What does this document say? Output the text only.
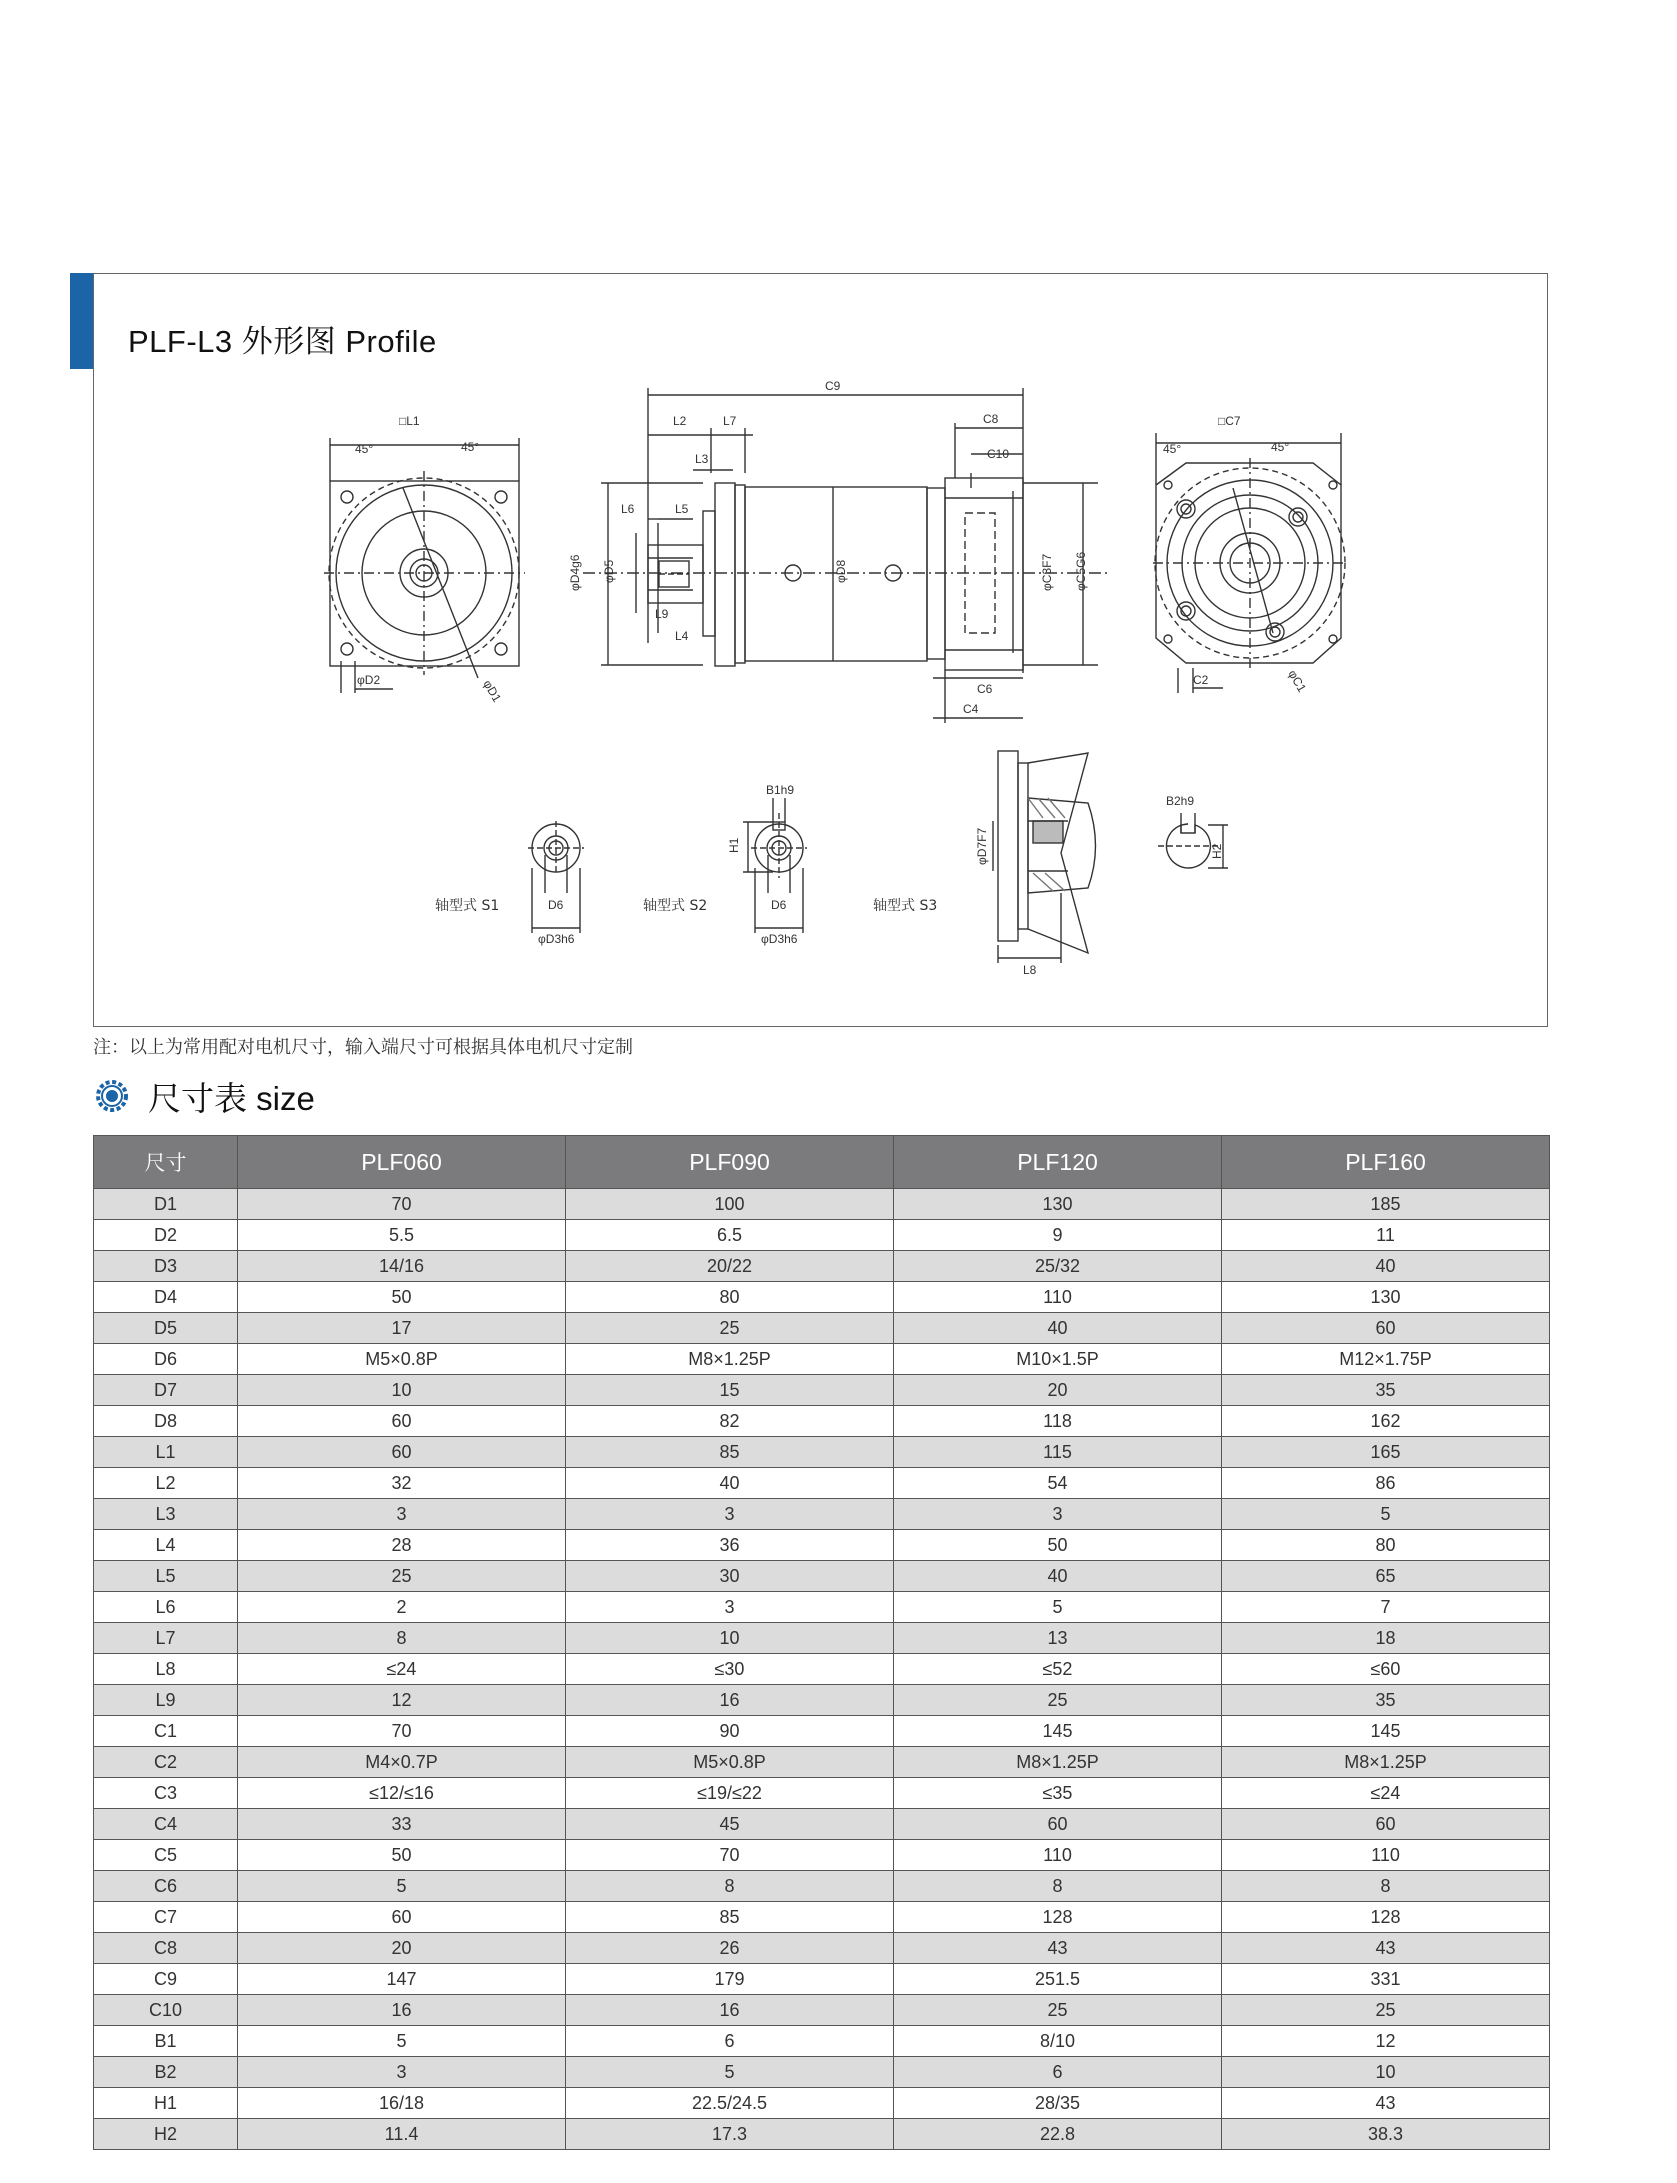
PLF-L3 外形图 Profile
□L1
45°	45°
φD2	φD1
C9
L2	L7
L3
L6	L5
L9
L4
φD4g6 φD5	φD8
C8
C10
φC3F7 φC5G6
C6
C4
□C7
45°	45°
C2	φC1
B1h9
H1
D6
φD3h6
D6
φD3h6
φD7F7
L8
B2h9
H2
轴型式 S1	轴型式 S2	轴型式 S3
注：以上为常用配对电机尺寸，输入端尺寸可根据具体电机尺寸定制
尺寸表 size
尺寸	PLF060	PLF090	PLF120	PLF160
D1	70	100	130	185
D2	5.5	6.5	9	11
D3	14/16	20/22	25/32	40
D4	50	80	110	130
D5	17	25	40	60
D6	M5×0.8P	M8×1.25P	M10×1.5P	M12×1.75P
D7	10	15	20	35
D8	60	82	118	162
L1	60	85	115	165
L2	32	40	54	86
L3	3	3	3	5
L4	28	36	50	80
L5	25	30	40	65
L6	2	3	5	7
L7	8	10	13	18
L8	≤24	≤30	≤52	≤60
L9	12	16	25	35
C1	70	90	145	145
C2	M4×0.7P	M5×0.8P	M8×1.25P	M8×1.25P
C3	≤12/≤16	≤19/≤22	≤35	≤24
C4	33	45	60	60
C5	50	70	110	110
C6	5	8	8	8
C7	60	85	128	128
C8	20	26	43	43
C9	147	179	251.5	331
C10	16	16	25	25
B1	5	6	8/10	12
B2	3	5	6	10
H1	16/18	22.5/24.5	28/35	43
H2	11.4	17.3	22.8	38.3
